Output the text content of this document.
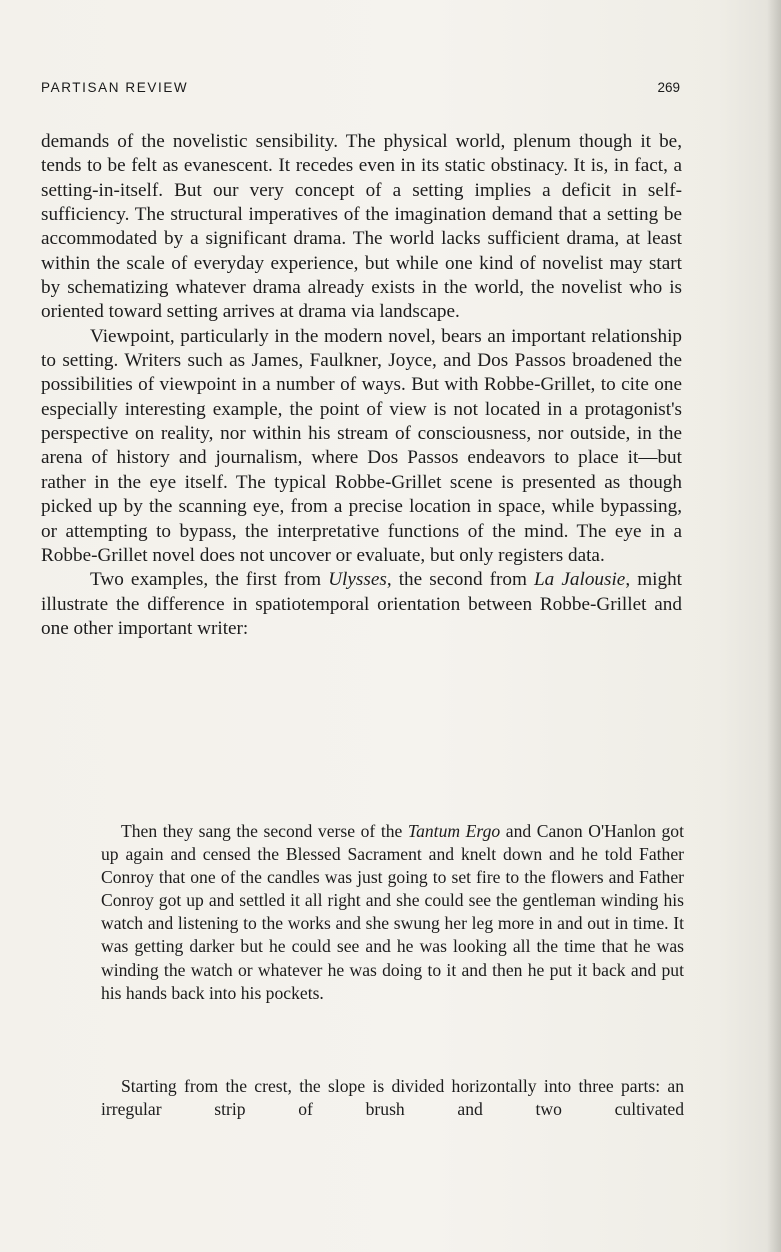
PARTISAN REVIEW	269

demands of the novelistic sensibility. The physical world, plenum though it be, tends to be felt as evanescent. It recedes even in its static obstinacy. It is, in fact, a setting-in-itself. But our very concept of a setting implies a deficit in self-sufficiency. The structural imperatives of the imagination demand that a setting be accommodated by a significant drama. The world lacks sufficient drama, at least within the scale of everyday experience, but while one kind of novelist may start by schematizing whatever drama already exists in the world, the novelist who is oriented toward setting arrives at drama via landscape.

Viewpoint, particularly in the modern novel, bears an important relationship to setting. Writers such as James, Faulkner, Joyce, and Dos Passos broadened the possibilities of viewpoint in a number of ways. But with Robbe-Grillet, to cite one especially interesting example, the point of view is not located in a protagonist's perspective on reality, nor within his stream of consciousness, nor outside, in the arena of history and journalism, where Dos Passos endeavors to place it—but rather in the eye itself. The typical Robbe-Grillet scene is presented as though picked up by the scanning eye, from a precise location in space, while bypassing, or attempting to bypass, the interpretative functions of the mind. The eye in a Robbe-Grillet novel does not uncover or evaluate, but only registers data.

Two examples, the first from Ulysses, the second from La Jalousie, might illustrate the difference in spatiotemporal orientation between Robbe-Grillet and one other important writer:

Then they sang the second verse of the Tantum Ergo and Canon O'Hanlon got up again and censed the Blessed Sacrament and knelt down and he told Father Conroy that one of the candles was just going to set fire to the flowers and Father Conroy got up and settled it all right and she could see the gentleman winding his watch and listening to the works and she swung her leg more in and out in time. It was getting darker but he could see and he was looking all the time that he was winding the watch or whatever he was doing to it and then he put it back and put his hands back into his pockets.

Starting from the crest, the slope is divided horizontally into three parts: an irregular strip of brush and two cultivated
